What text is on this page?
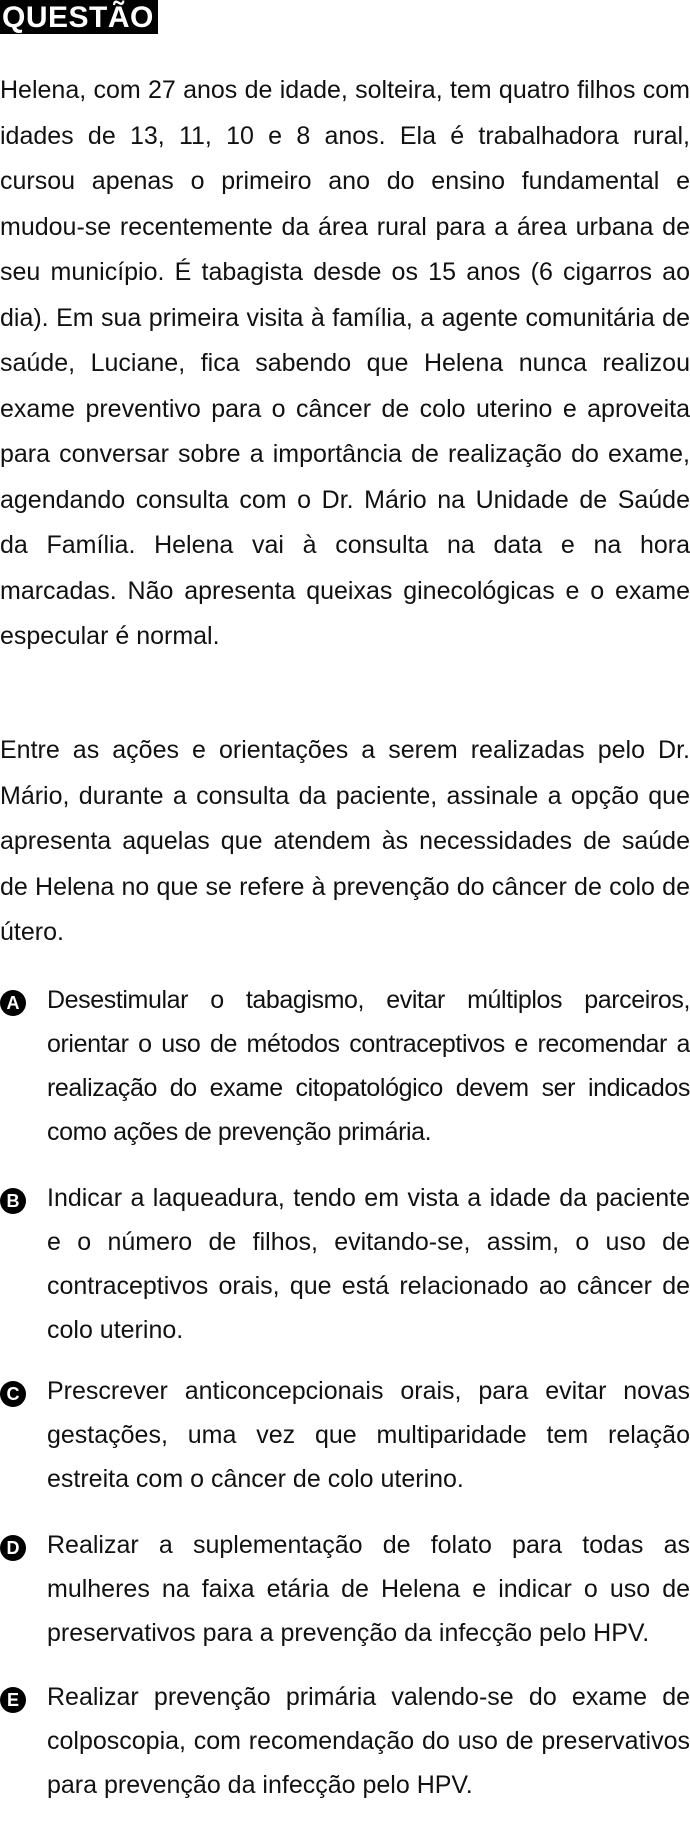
QUESTÃO
Helena, com 27 anos de idade, solteira, tem quatro filhos com idades de 13, 11, 10 e 8 anos. Ela é trabalhadora rural, cursou apenas o primeiro ano do ensino fundamental e mudou-se recentemente da área rural para a área urbana de seu município. É tabagista desde os 15 anos (6 cigarros ao dia). Em sua primeira visita à família, a agente comunitária de saúde, Luciane, fica sabendo que Helena nunca realizou exame preventivo para o câncer de colo uterino e aproveita para conversar sobre a importância de realização do exame, agendando consulta com o Dr. Mário na Unidade de Saúde da Família. Helena vai à consulta na data e na hora marcadas. Não apresenta queixas ginecológicas e o exame especular é normal.
Entre as ações e orientações a serem realizadas pelo Dr. Mário, durante a consulta da paciente, assinale a opção que apresenta aquelas que atendem às necessidades de saúde de Helena no que se refere à prevenção do câncer de colo de útero.
A Desestimular o tabagismo, evitar múltiplos parceiros, orientar o uso de métodos contraceptivos e recomendar a realização do exame citopatológico devem ser indicados como ações de prevenção primária.
B Indicar a laqueadura, tendo em vista a idade da paciente e o número de filhos, evitando-se, assim, o uso de contraceptivos orais, que está relacionado ao câncer de colo uterino.
C Prescrever anticoncepcionais orais, para evitar novas gestações, uma vez que multiparidade tem relação estreita com o câncer de colo uterino.
D Realizar a suplementação de folato para todas as mulheres na faixa etária de Helena e indicar o uso de preservativos para a prevenção da infecção pelo HPV.
E Realizar prevenção primária valendo-se do exame de colposcopia, com recomendação do uso de preservativos para prevenção da infecção pelo HPV.
